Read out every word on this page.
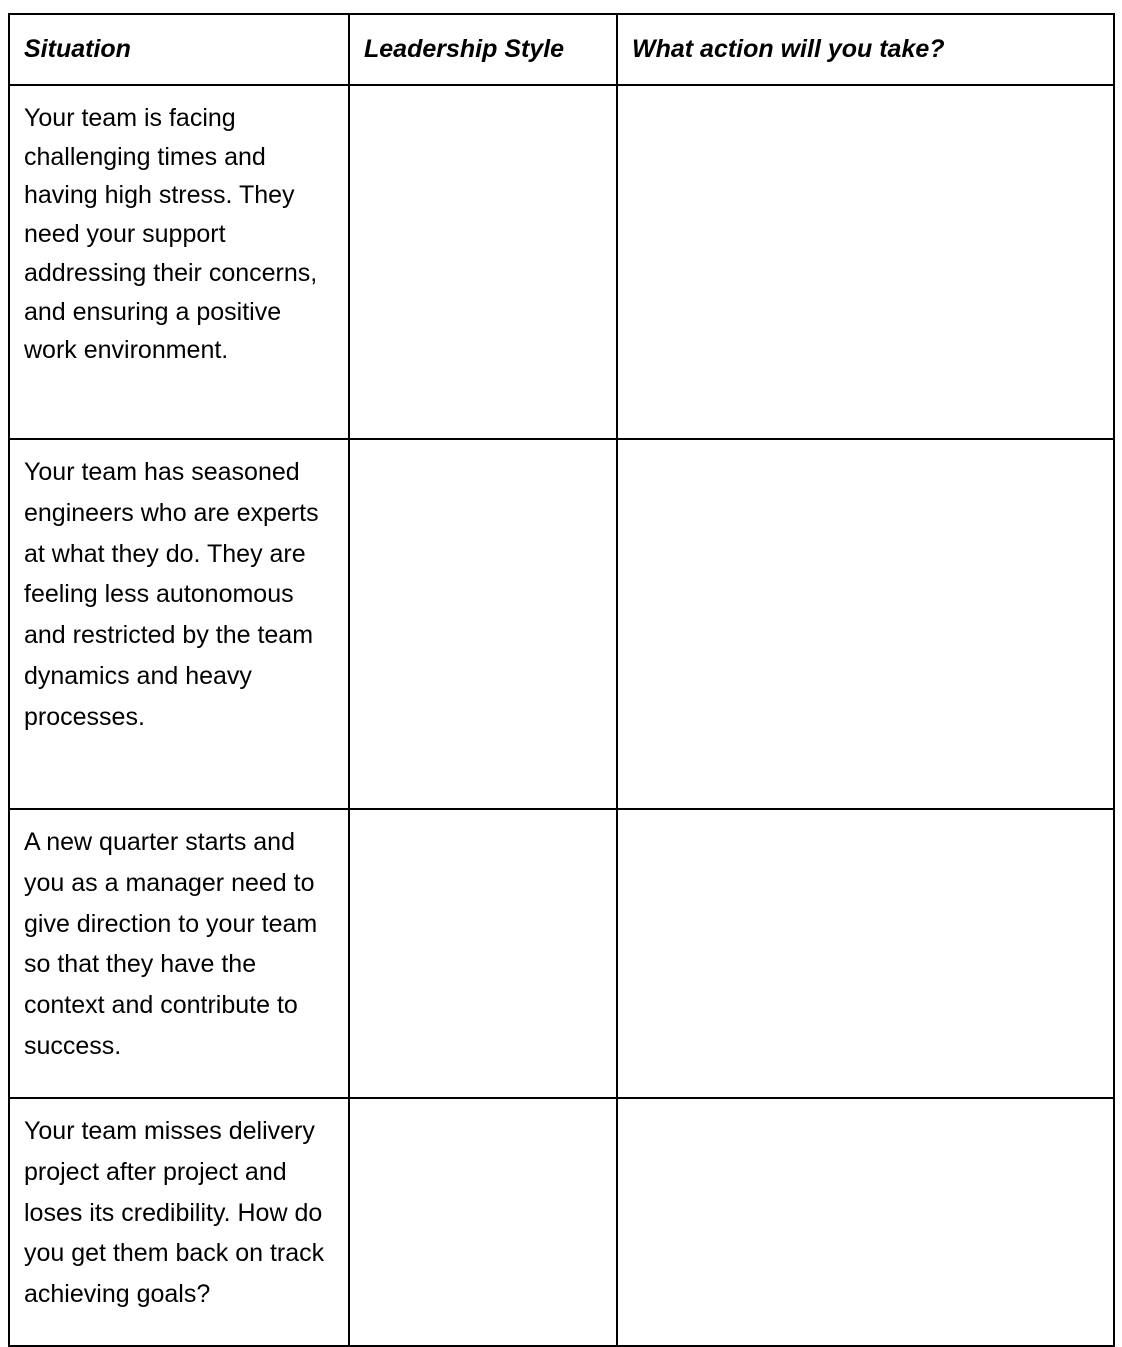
Situation	Leadership Style	What action will you take?

Your team is facing challenging times and having high stress. They need your support addressing their concerns, and ensuring a positive work environment.		

Your team has seasoned engineers who are experts at what they do. They are feeling less autonomous and restricted by the team dynamics and heavy processes.		

A new quarter starts and you as a manager need to give direction to your team so that they have the context and contribute to success.		

Your team misses delivery project after project and loses its credibility. How do you get them back on track achieving goals?		
